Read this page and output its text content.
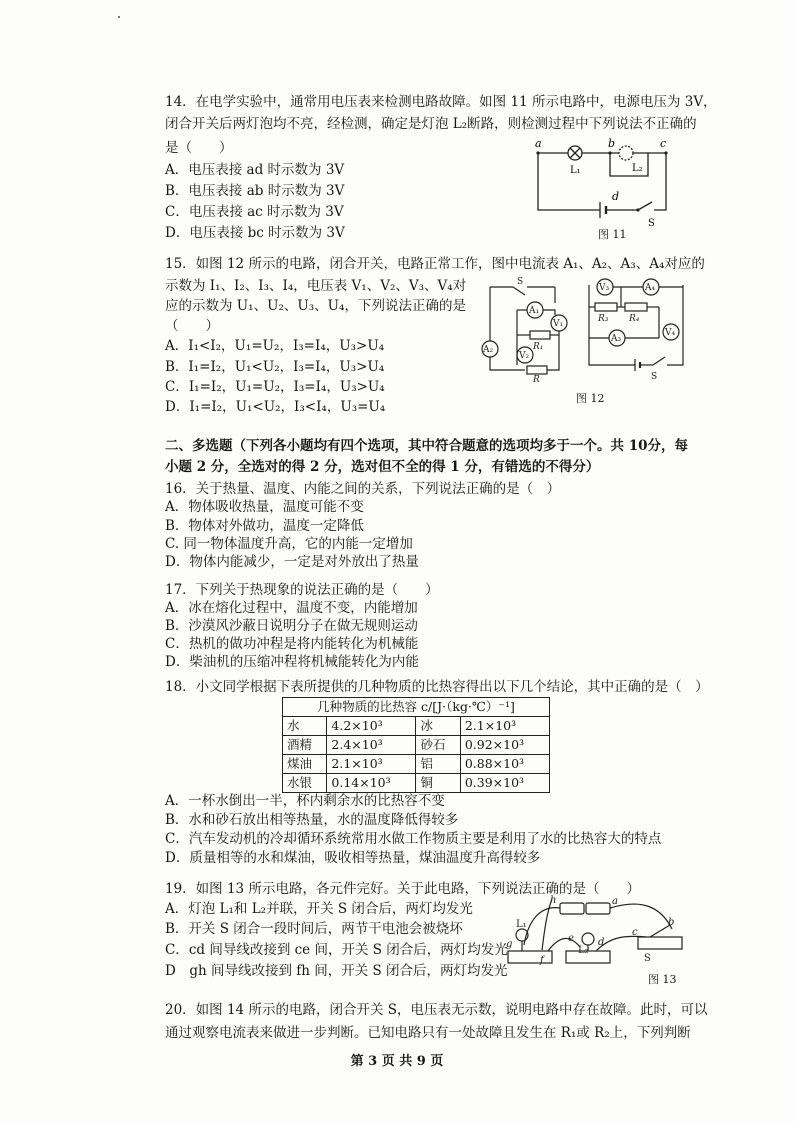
14．在电学实验中，通常用电压表来检测电路故障。如图 11 所示电路中，电源电压为 3V，
闭合开关后两灯泡均不亮，经检测，确定是灯泡 L₂断路，则检测过程中下列说法不正确的
是（　　）
A．电压表接 ad 时示数为 3V
B．电压表接 ab 时示数为 3V
C．电压表接 ac 时示数为 3V
D．电压表接 bc 时示数为 3V
a	b	c
L₁	L₂
d
S
图 11
15．如图 12 所示的电路，闭合开关，电路正常工作，图中电流表 A₁、A₂、A₃、A₄对应的
示数为 I₁、I₂、I₃、I₄，电压表 V₁、V₂、V₃、V₄对
应的示数为 U₁、U₂、U₃、U₄，下列说法正确的是
（　　）
A．I₁<I₂，U₁=U₂，I₃=I₄，U₃>U₄
B．I₁=I₂，U₁<U₂，I₃=I₄，U₃>U₄
C．I₁=I₂，U₁=U₂，I₃=I₄，U₃>U₄
D．I₁=I₂，U₁<U₂，I₃<I₄，U₃=U₄
S
A₁
V₁
R₁
A₂
V₂
R
V₃	A₄
R₃ R₄
A₃
V₄
S
图 12
二、多选题（下列各小题均有四个选项，其中符合题意的选项均多于一个。共 10分，每
小题 2 分，全选对的得 2 分，选对但不全的得 1 分，有错选的不得分）
16．关于热量、温度、内能之间的关系，下列说法正确的是（　）
A．物体吸收热量，温度可能不变
B．物体对外做功，温度一定降低
C. 同一物体温度升高，它的内能一定增加
D．物体内能减少，一定是对外放出了热量
17．下列关于热现象的说法正确的是（　　）
A．冰在熔化过程中，温度不变，内能增加
B．沙漠风沙蔽日说明分子在做无规则运动
C．热机的做功冲程是将内能转化为机械能
D．柴油机的压缩冲程将机械能转化为内能
18．小文同学根据下表所提供的几种物质的比热容得出以下几个结论，其中正确的是（　）
几种物质的比热容 c/[J·（kg·℃）⁻¹]			
水	4.2×10³	冰	2.1×10³
酒精	2.4×10³	砂石	0.92×10³
煤油	2.1×10³	铝	0.88×10³
水银	0.14×10³	铜	0.39×10³
A．一杯水倒出一半，杯内剩余水的比热容不变
B．水和砂石放出相等热量，水的温度降低得较多
C．汽车发动机的冷却循环系统常用水做工作物质主要是利用了水的比热容大的特点
D．质量相等的水和煤油，吸收相等热量，煤油温度升高得较多
19．如图 13 所示电路，各元件完好。关于此电路，下列说法正确的是（　　）
A．灯泡 L₁和 L₂并联，开关 S 闭合后，两灯均发光
B．开关 S 闭合一段时间后，两节干电池会被烧坏
C．cd 间导线改接到 ce 间，开关 S 闭合后，两灯均发光
D　gh 间导线改接到 fh 间，开关 S 闭合后，两灯均发光
h	a
b
L₁
g
e
L₂
d
c
f	S
图 13
20．如图 14 所示的电路，闭合开关 S，电压表无示数，说明电路中存在故障。此时，可以
通过观察电流表来做进一步判断。已知电路只有一处故障且发生在 R₁或 R₂上，下列判断
第 3 页 共 9 页
